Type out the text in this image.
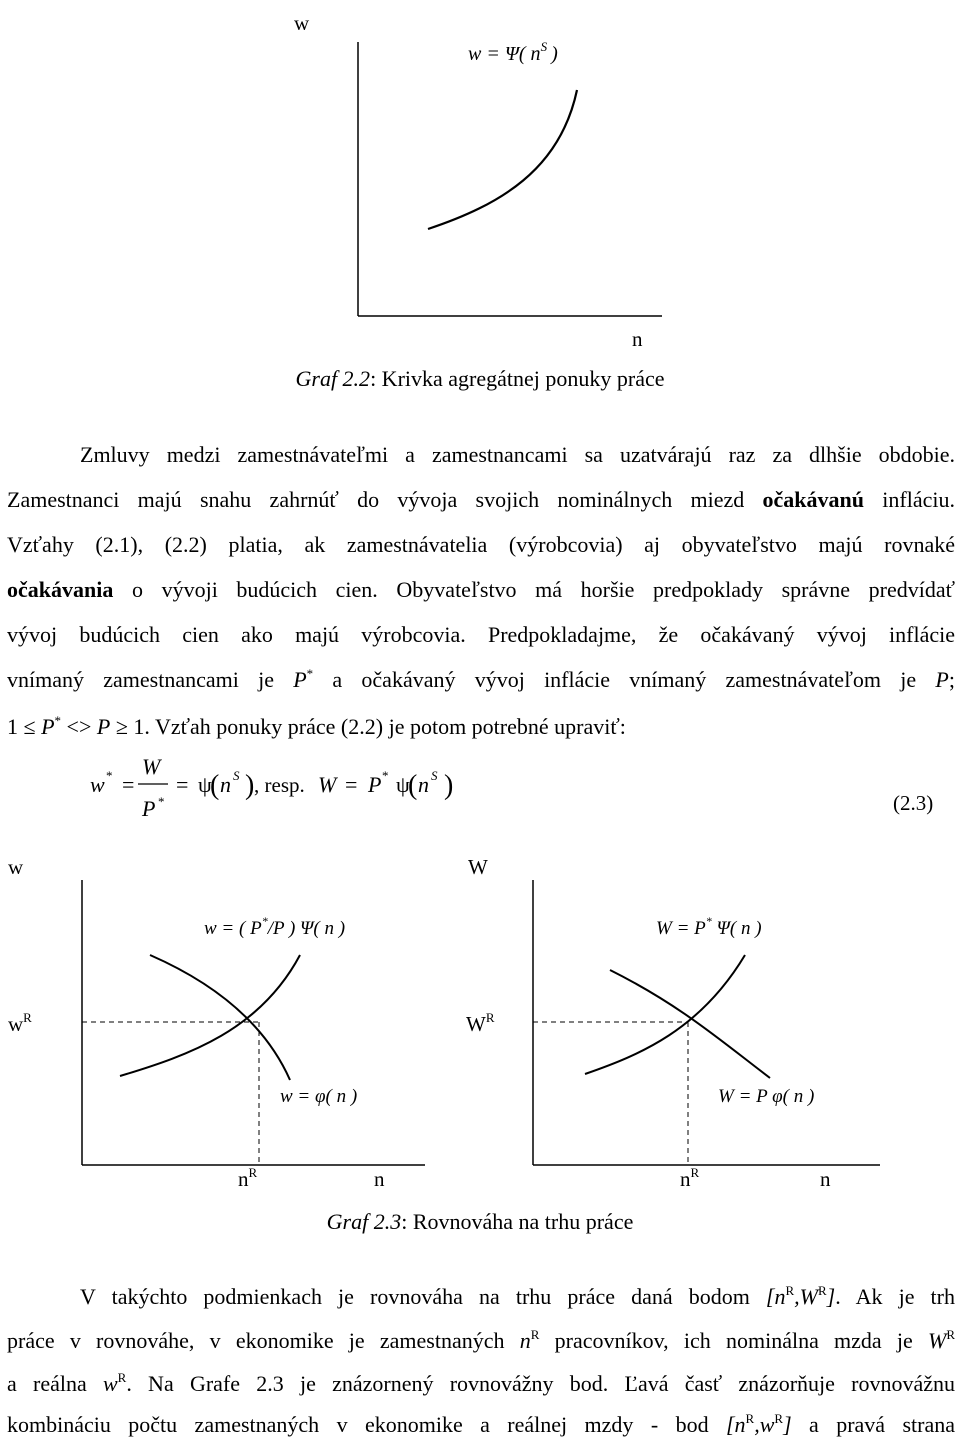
w
n
w = Ψ( $n^S$ )
Graf 2.2: Krivka agregátnej ponuky práce
Zmluvy medzi zamestnávateľmi a zamestnancami sa uzatvárajú raz za dlhšie obdobie.
Zamestnanci majú snahu zahrnúť do vývoja svojich nominálnych miezd očakávanú infláciu.
Vzťahy (2.1), (2.2) platia, ak zamestnávatelia (výrobcovia) aj obyvateľstvo majú rovnaké
očakávania o vývoji budúcich cien. Obyvateľstvo má horšie predpoklady správne predvídať
vývoj budúcich cien ako majú výrobcovia. Predpokladajme, že očakávaný vývoj inflácie
vnímaný zamestnancami je P* a očakávaný vývoj inflácie vnímaný zamestnávateľom je P;
1 ≤ P* <> P ≥ 1. Vzťah ponuky práce (2.2) je potom potrebné upraviť:
w * =
W
P *
= ψ
( n S ) , resp. W = P * ψ
( n S )
(2.3)
w
w = ( P*/P ) Ψ( n )
$w^R$
w = φ( n )
$n^R$	n
W
W = P* Ψ( n )
$W^R$
W = P φ( n )
$n^R$	n
Graf 2.3: Rovnováha na trhu práce
V takýchto podmienkach je rovnováha na trhu práce daná bodom $[n^R,W^R]$. Ak je trh
práce v rovnováhe, v ekonomike je zamestnaných $n^R$ pracovníkov, ich nominálna mzda je $W^R$
a reálna $w^R$. Na Grafe 2.3 je znázornený rovnovážny bod. Ľavá časť znázorňuje rovnovážnu
kombináciu počtu zamestnaných v ekonomike a reálnej mzdy - bod $[n^R,w^R]$ a pravá strana
